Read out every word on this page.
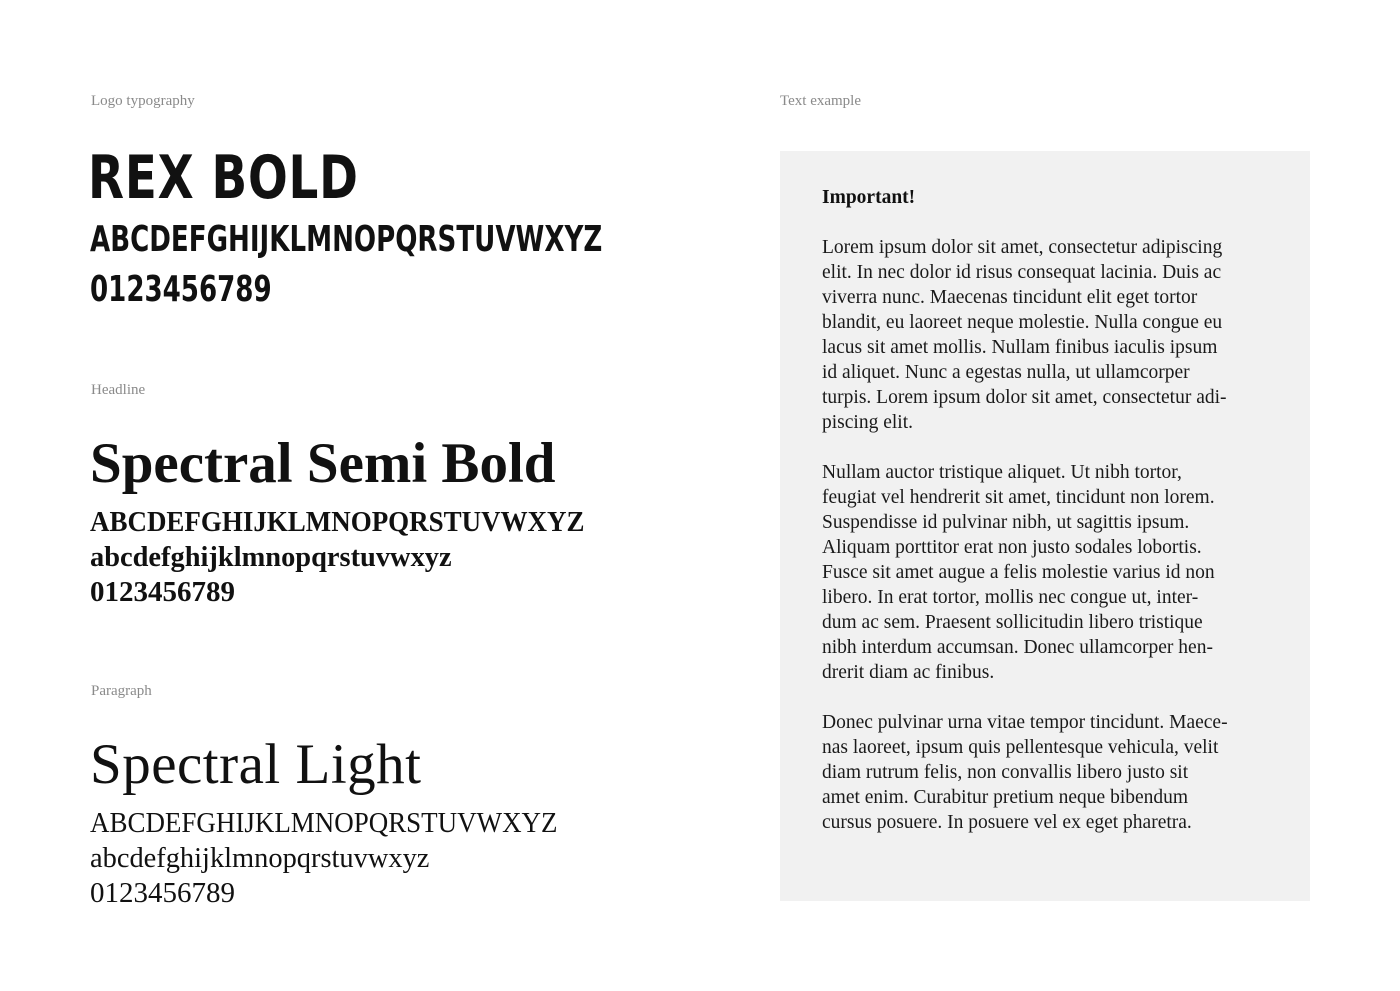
Logo typography	Text example

Headline

Paragraph

REX BOLD

ABCDEFGHIJKLMNOPQRSTUVWXYZ

0123456789

Spectral Semi Bold

ABCDEFGHIJKLMNOPQRSTUVWXYZ

abcdefghijklmnopqrstuvwxyz

0123456789

Spectral Light

ABCDEFGHIJKLMNOPQRSTUVWXYZ

abcdefghijklmnopqrstuvwxyz

0123456789

Important!

Lorem ipsum dolor sit amet, consectetur adipiscing
elit. In nec dolor id risus consequat lacinia. Duis ac
viverra nunc. Maecenas tincidunt elit eget tortor
blandit, eu laoreet neque molestie. Nulla congue eu
lacus sit amet mollis. Nullam finibus iaculis ipsum
id aliquet. Nunc a egestas nulla, ut ullamcorper
turpis. Lorem ipsum dolor sit amet, consectetur adi-
piscing elit.

Nullam auctor tristique aliquet. Ut nibh tortor,
feugiat vel hendrerit sit amet, tincidunt non lorem.
Suspendisse id pulvinar nibh, ut sagittis ipsum.
Aliquam porttitor erat non justo sodales lobortis.
Fusce sit amet augue a felis molestie varius id non
libero. In erat tortor, mollis nec congue ut, inter-
dum ac sem. Praesent sollicitudin libero tristique
nibh interdum accumsan. Donec ullamcorper hen-
drerit diam ac finibus.

Donec pulvinar urna vitae tempor tincidunt. Maece-
nas laoreet, ipsum quis pellentesque vehicula, velit
diam rutrum felis, non convallis libero justo sit
amet enim. Curabitur pretium neque bibendum
cursus posuere. In posuere vel ex eget pharetra.
